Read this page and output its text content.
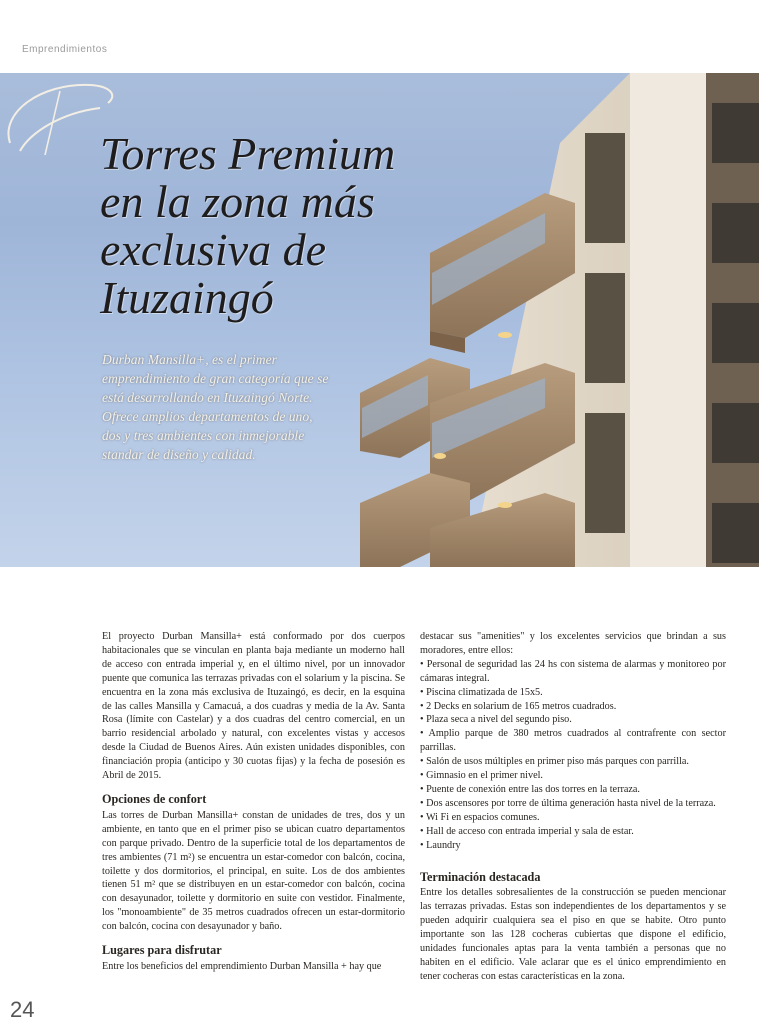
Emprendimientos
Torres Premium
en la zona más
exclusiva de
Ituzaingó

Durban Mansilla+, es el primer emprendimiento de gran categoría que se está desarrollando en Ituzaingó Norte. Ofrece amplios departamentos de uno, dos y tres ambientes con inmejorable standar de diseño y calidad.

El proyecto Durban Mansilla+ está conformado por dos cuerpos habitacionales que se vinculan en planta baja mediante un moderno hall de acceso con entrada imperial y, en el último nivel, por un innovador puente que comunica las terrazas privadas con el solarium y la piscina. Se encuentra en la zona más exclusiva de Ituzaingó, es decir, en la esquina de las calles Mansilla y Camacuá, a dos cuadras y media de la Av. Santa Rosa (límite con Castelar) y a dos cuadras del centro comercial, en un barrio residencial arbolado y natural, con excelentes vistas y accesos desde la Ciudad de Buenos Aires. Aún existen unidades disponibles, con financiación propia (anticipo y 30 cuotas fijas) y la fecha de posesión es Abril de 2015.

Opciones de confort

Las torres de Durban Mansilla+ constan de unidades de tres, dos y un ambiente, en tanto que en el primer piso se ubican cuatro departamentos con parque privado. Dentro de la superficie total de los departamentos de tres ambientes (71 m²) se encuentra un estar-comedor con balcón, cocina, toilette y dos dormitorios, el principal, en suite. Los de dos ambientes tienen 51 m² que se distribuyen en un estar-comedor con balcón, cocina con desayunador, toilette y dormitorio en suite con vestidor. Finalmente, los "monoambiente" de 35 metros cuadrados ofrecen un estar-dormitorio con balcón, cocina con desayunador y baño.

Lugares para disfrutar

Entre los beneficios del emprendimiento Durban Mansilla + hay que

destacar sus "amenities" y los excelentes servicios que brindan a sus moradores, entre ellos:

• Personal de seguridad las 24 hs con sistema de alarmas y monitoreo por cámaras integral.
• Piscina climatizada de 15x5.
• 2 Decks en solarium de 165 metros cuadrados.
• Plaza seca a nivel del segundo piso.
• Amplio parque de 380 metros cuadrados al contrafrente con sector parrillas.
• Salón de usos múltiples en primer piso más parques con parrilla.
• Gimnasio en el primer nivel.
• Puente de conexión entre las dos torres en la terraza.
• Dos ascensores por torre de última generación hasta nivel de la terraza.
• Wi Fi en espacios comunes.
• Hall de acceso con entrada imperial y sala de estar.
• Laundry
Terminación destacada

Entre los detalles sobresalientes de la construcción se pueden mencionar las terrazas privadas. Estas son independientes de los departamentos y se pueden adquirir cualquiera sea el piso en que se habite. Otro punto importante son las 128 cocheras cubiertas que dispone el edificio, unidades funcionales aptas para la venta también a personas que no habiten en el edificio. Vale aclarar que es el único emprendimiento en tener cocheras con estas características en la zona.

24
